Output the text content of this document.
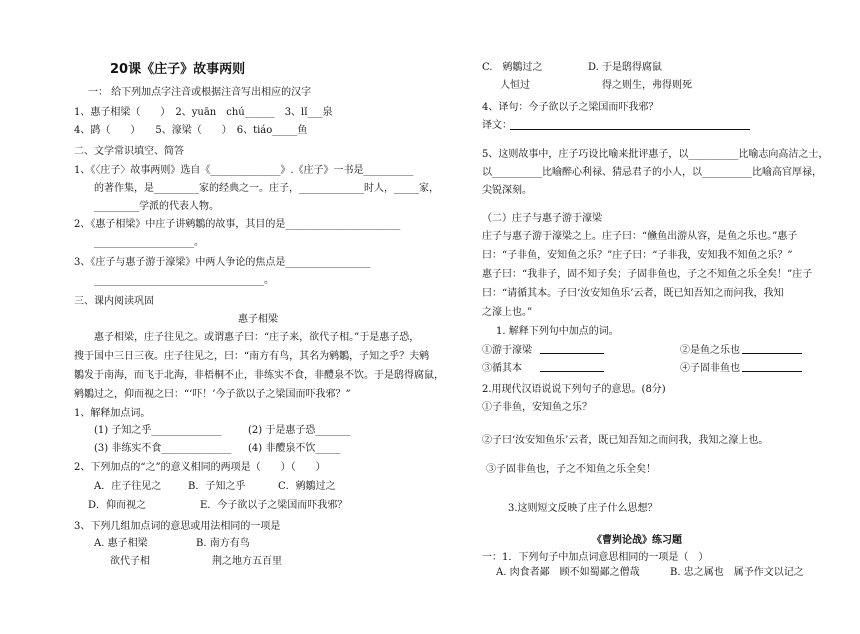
20课《庄子》故事两则
一： 给下列加点字注音或根据注音写出相应的汉字
1、惠子相梁（　　）　2、yuān　chú______　3、lǐ___泉
4、鹍（　　）　　5、濠梁（　　）　6、tiáo_____鱼
二、文学常识填空、简答
1、《〈庄子〉故事两则》选自《______________》.《庄子》一书是__________
的著作集，是_________家的经典之一。庄子，_____________时人，_____家，
_________学派的代表人物。
2、《惠子相梁》中庄子讲鹓鶵的故事，其目的是_______________________
____________________。
3、《庄子与惠子游于濠梁》中两人争论的焦点是_________________
__________________________________。
三、课内阅读巩固
惠子相梁
惠子相梁，庄子往见之。或谓惠子曰：“庄子来，欲代子相。”于是惠子恐，
搜于国中三日三夜。庄子往见之，曰：“南方有鸟，其名为鹓鶵，子知之乎？夫鹓
鶵发于南海，而飞于北海，非梧桐不止，非练实不食，非醴泉不饮。于是鸱得腐鼠，
鹓鶵过之，仰而视之曰：“‘吓！’今子欲以子之梁国而吓我邪？”
1、解释加点词。
(1) 子知之乎______________	(2) 于是惠子恐_______
(3) 非练实不食______________ (4) 非醴泉不饮_____
2、下列加点的“之”的意义相同的两项是（　　）（　　）
A．庄子往见之	B．子知之乎	C．鹓鶵过之
D．仰而视之	E．今子欲以子之梁国而吓我邪？
3、下列几组加点词的意思或用法相同的一项是
A. 惠子相梁
欲代子相
B. 南方有鸟
荆之地方五百里
C.　鹓鶵过之
人恒过
D. 于是鸱得腐鼠
得之则生，弗得则死
4、译句：今子欲以子之梁国而吓我邪？
译文：
5、这则故事中，庄子巧设比喻来批评惠子，以__________比喻志向高洁之士，
以__________比喻醉心利禄、猜忌君子的小人，以__________比喻高官厚禄，
尖锐深刻。
（二）庄子与惠子游于濠梁
庄子与惠子游于濠梁之上。庄子曰：“儵鱼出游从容，是鱼之乐也。”惠子
曰：“子非鱼，安知鱼之乐？”庄子曰：“子非我，安知我不知鱼之乐？”
惠子曰：“我非子，固不知子矣；子固非鱼也，子之不知鱼之乐全矣！”庄子
曰：“请循其本。子曰‘汝安知鱼乐’云者，既已知吾知之而问我，我知
之濠上也。”
1. 解释下列句中加点的词。
①游于濠梁	②是鱼之乐也
③循其本	④子固非鱼也
2.用现代汉语说说下列句子的意思。(8分)
①子非鱼，安知鱼之乐？
②子曰‘汝安知鱼乐’云者，既已知吾知之而问我，我知之濠上也。
③子固非鱼也，子之不知鱼之乐全矣！
3.这则短文反映了庄子什么思想？
《曹刿论战》练习题
一：1．下列句子中加点词意思相同的一项是（　）
A. 肉食者鄙　顾不如蜀鄙之僧哉	B. 忠之属也　属予作文以记之
